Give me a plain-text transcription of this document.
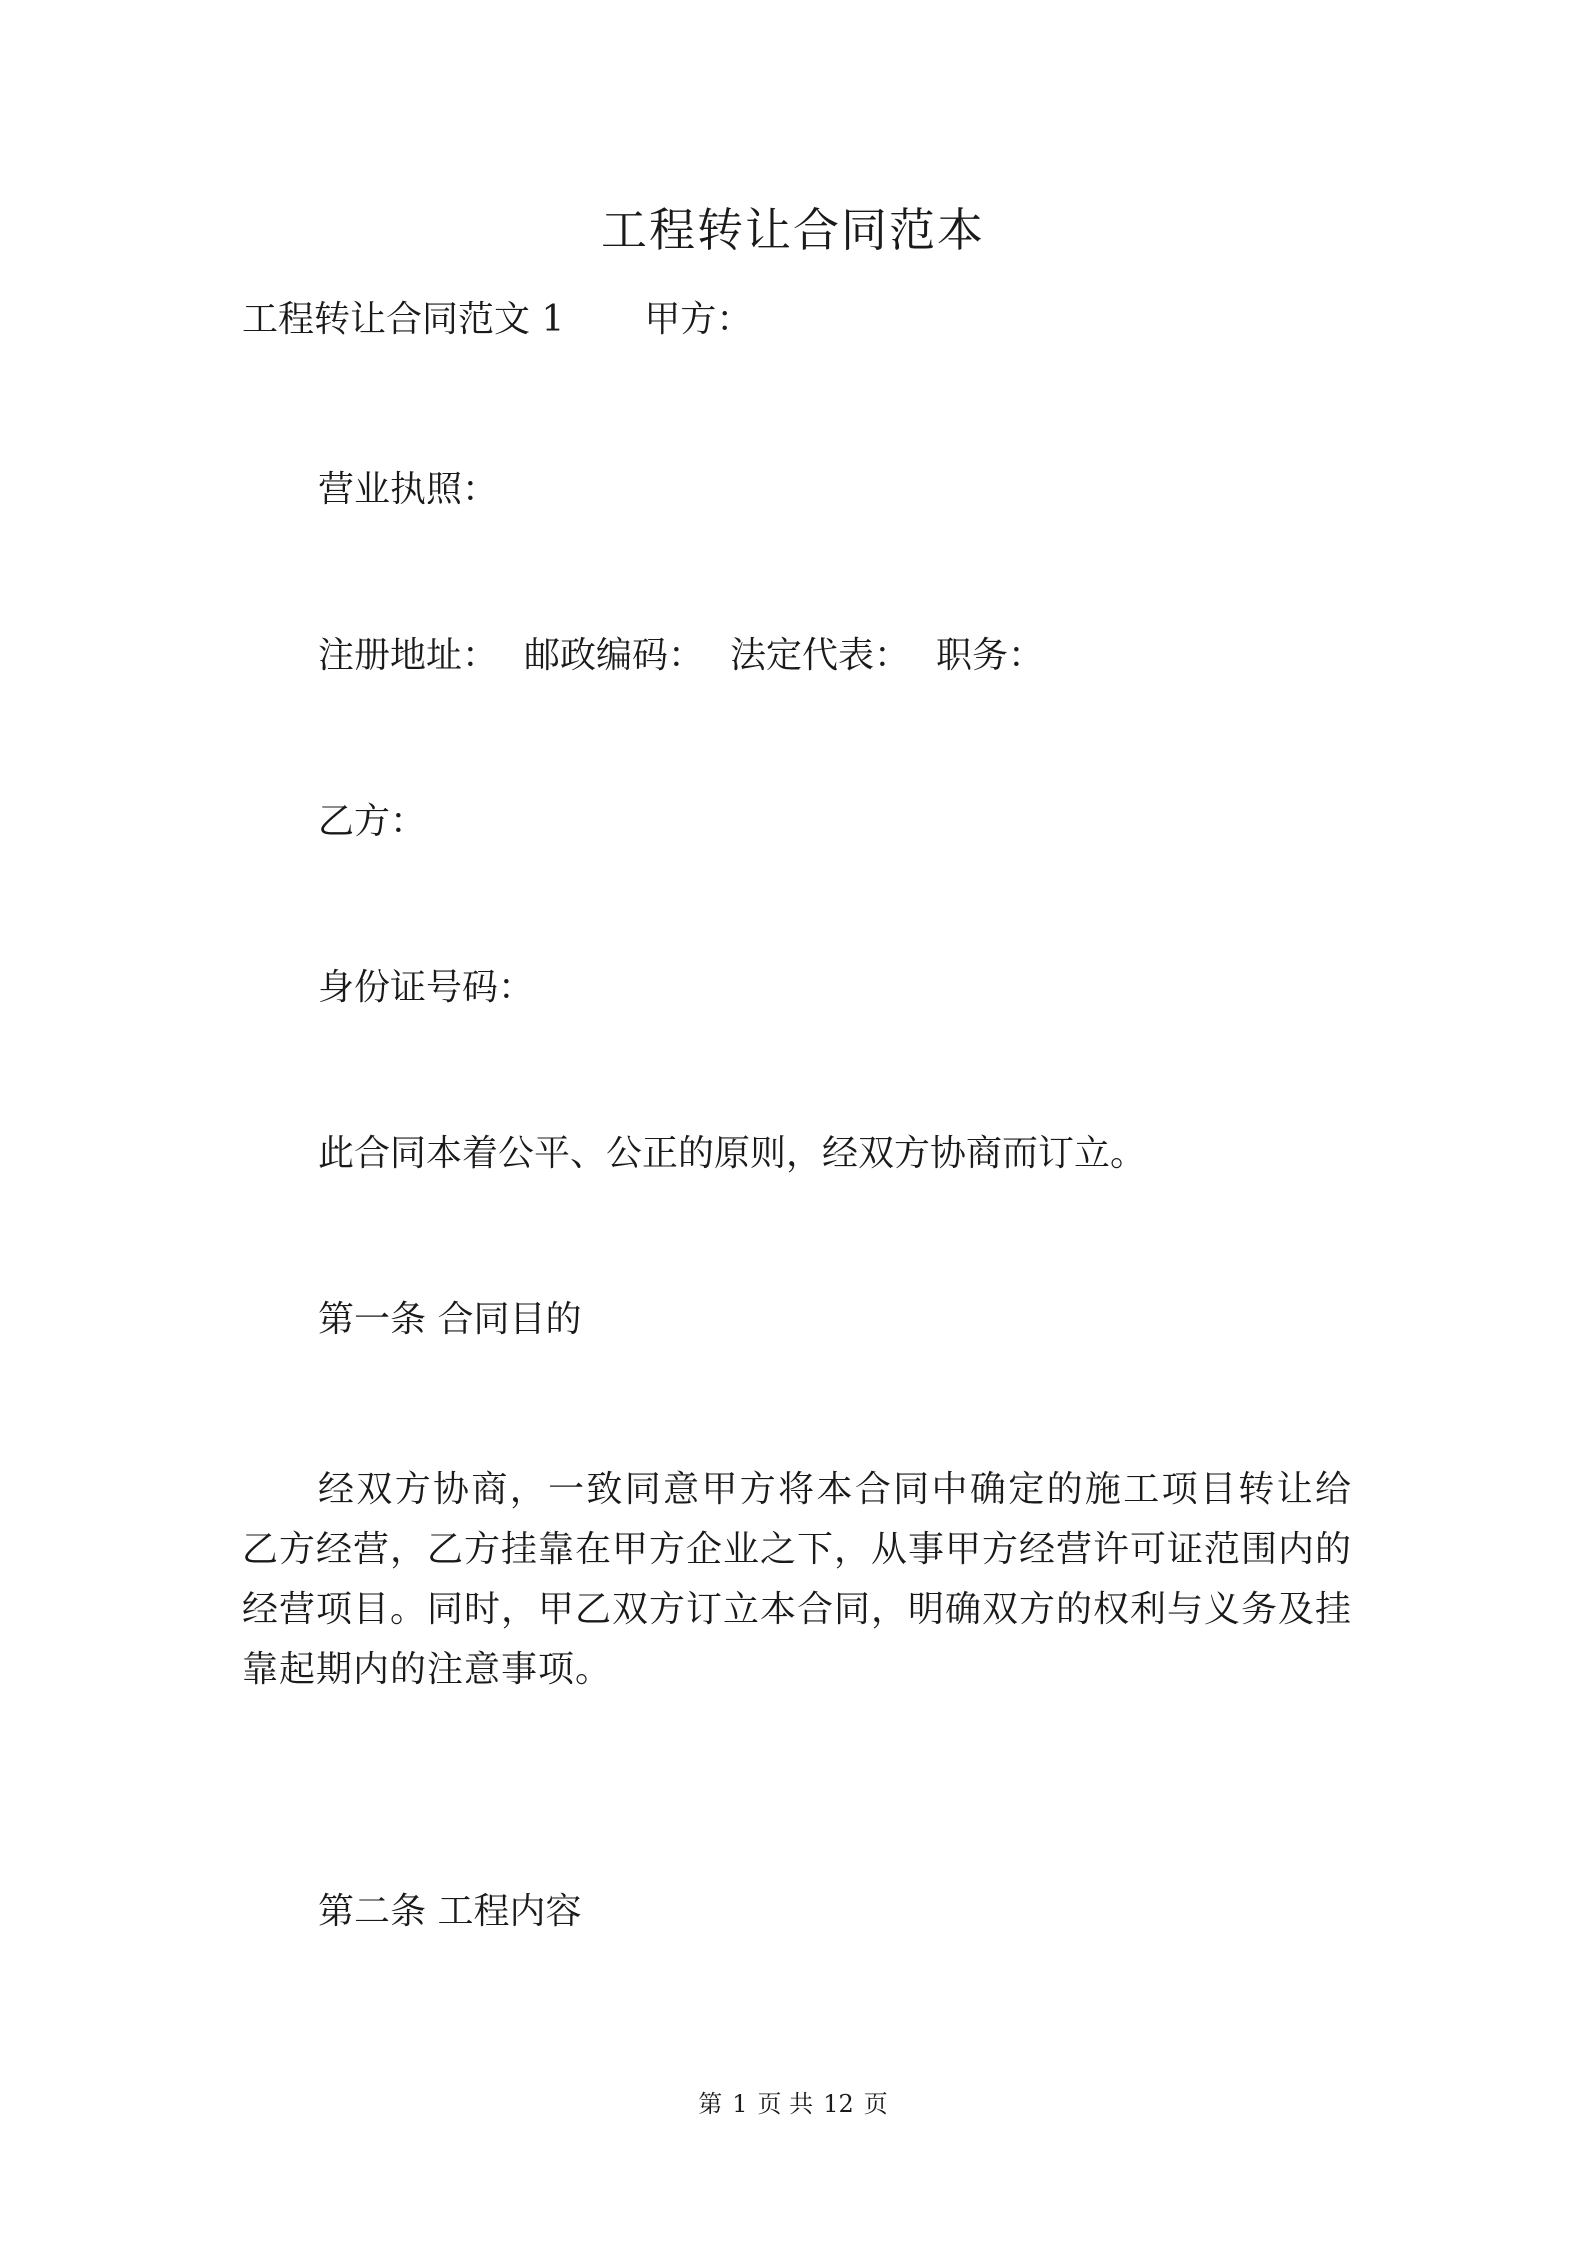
工程转让合同范本
工程转让合同范文 1 甲方：
营业执照：
注册地址： 邮政编码： 法定代表： 职务：
乙方：
身份证号码：
此合同本着公平、公正的原则，经双方协商而订立。
第一条 合同目的
经双方协商，一致同意甲方将本合同中确定的施工项目转让给乙方经营，乙方挂靠在甲方企业之下，从事甲方经营许可证范围内的经营项目。同时，甲乙双方订立本合同，明确双方的权利与义务及挂靠起期内的注意事项。
第二条 工程内容
第 1 页 共 12 页
